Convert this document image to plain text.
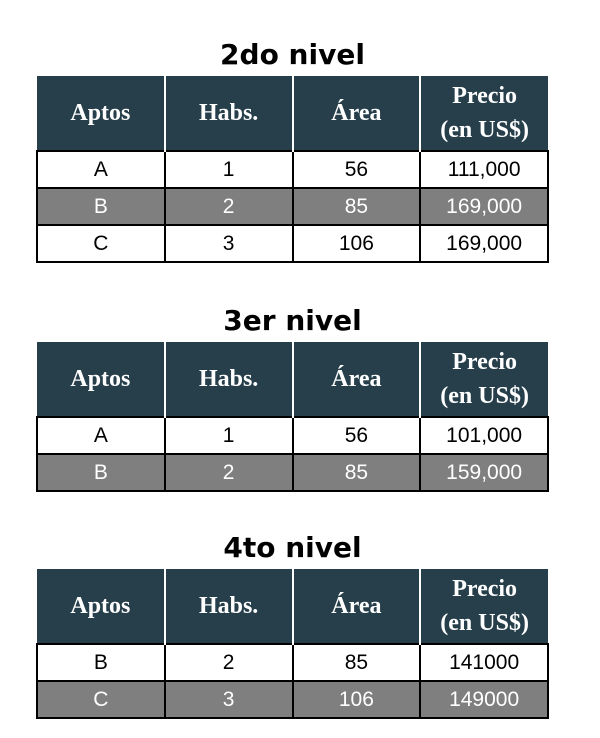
2do nivel
Aptos	Habs.	Área	Precio
(en US$)
A	1	56	111,000
B	2	85	169,000
C	3	106	169,000
3er nivel
Aptos	Habs.	Área	Precio
(en US$)
A	1	56	101,000
B	2	85	159,000
4to nivel
Aptos	Habs.	Área	Precio
(en US$)
B	2	85	141000
C	3	106	149000
